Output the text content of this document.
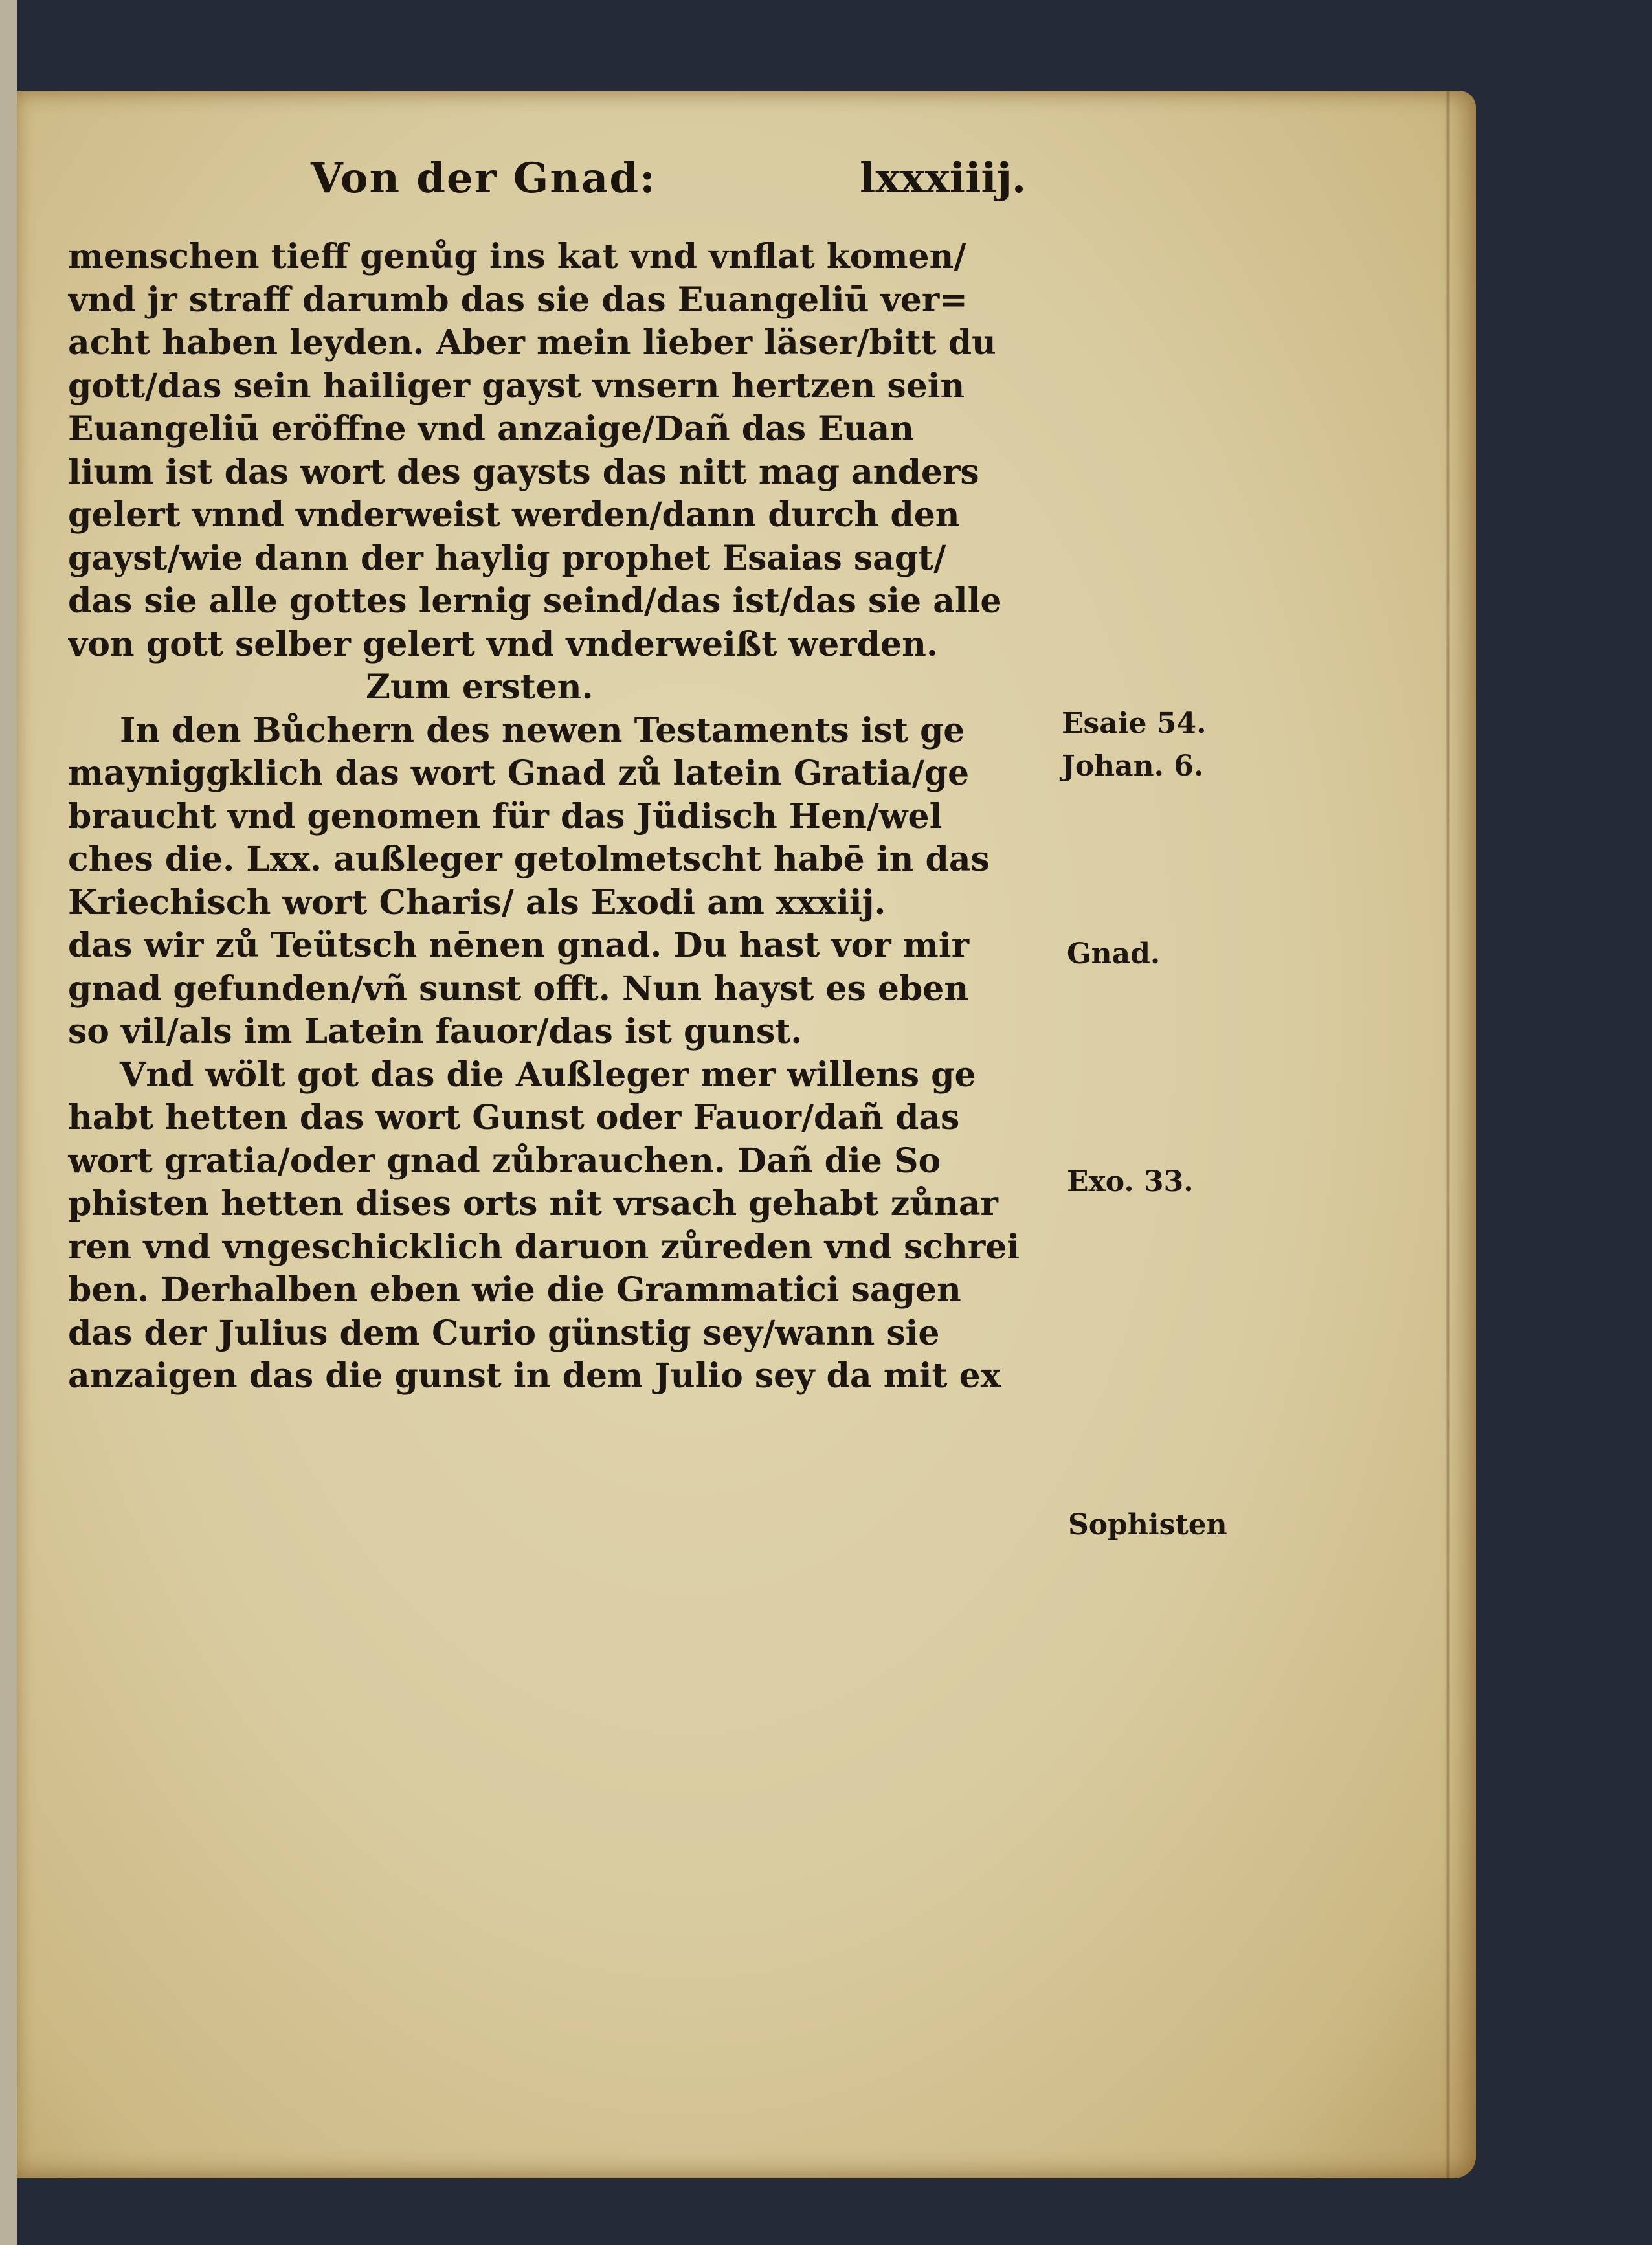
Von der Gnad:	lxxxiiij.
menschen tieff genůg ins kat vnd vnflat komen/
vnd jr straff darumb das sie das Euangeliū ver=
acht haben leyden. Aber mein lieber läser/bitt du
gott/das sein hailiger gayst vnsern hertzen sein
Euangeliū eröffne vnd anzaige/Dañ das Euan
lium ist das wort des gaysts das nitt mag anders
gelert vnnd vnderweist werden/dann durch den
gayst/wie dann der haylig prophet Esaias sagt/
das sie alle gottes lernig seind/das ist/das sie alle
von gott selber gelert vnd vnderweißt werden.
Zum ersten.
In den Bůchern des newen Testaments ist ge
mayniggklich das wort Gnad zů latein Gratia/ge
braucht vnd genomen für das Jüdisch Hen/wel
ches die. Lxx. außleger getolmetscht habē in das
Kriechisch wort Charis/ als Exodi am xxxiij.
das wir zů Teütsch nēnen gnad. Du hast vor mir
gnad gefunden/vñ sunst offt. Nun hayst es eben
so vil/als im Latein fauor/das ist gunst.
Vnd wölt got das die Außleger mer willens ge
habt hetten das wort Gunst oder Fauor/dañ das
wort gratia/oder gnad zůbrauchen. Dañ die So
phisten hetten dises orts nit vrsach gehabt zůnar
ren vnd vngeschicklich daruon zůreden vnd schrei
ben. Derhalben eben wie die Grammatici sagen
das der Julius dem Curio günstig sey/wann sie
anzaigen das die gunst in dem Julio sey da mit ex
Esaie 54.
Johan. 6.
Gnad.
Exo. 33.
Sophisten
